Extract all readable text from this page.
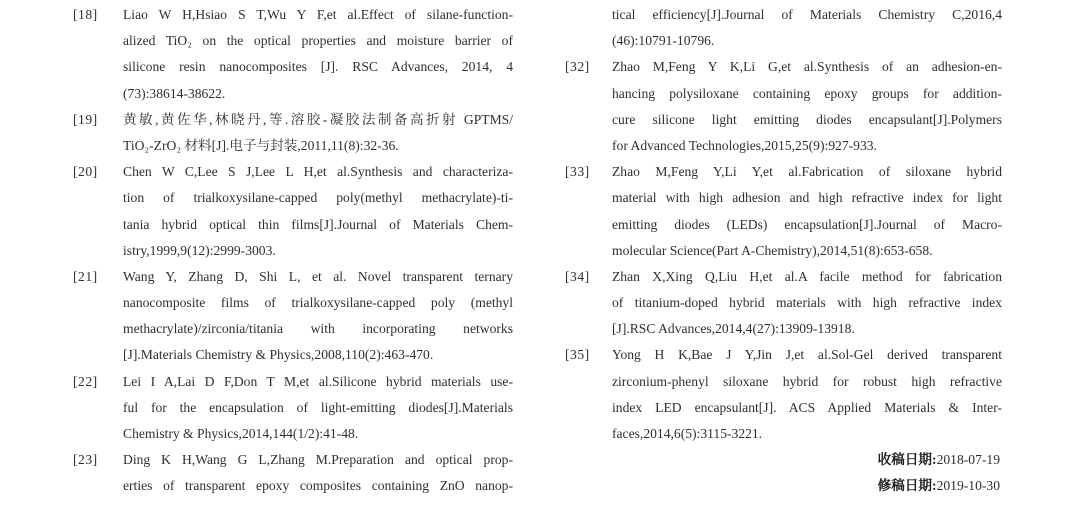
[18]	Liao W H,Hsiao S T,Wu Y F,et al.Effect of silane-function-
alized TiO₂ on the optical properties and moisture barrier of
silicone resin nanocomposites [J]. RSC Advances, 2014, 4
(73):38614-38622.
[19]	黄敏,黄佐华,林晓丹,等.溶胶-凝胶法制备高折射 GPTMS/
TiO₂-ZrO₂ 材料[J].电子与封装,2011,11(8):32-36.
[20]	Chen W C,Lee S J,Lee L H,et al.Synthesis and characteriza-
tion of trialkoxysilane-capped poly(methyl methacrylate)-ti-
tania hybrid optical thin films[J].Journal of Materials Chem-
istry,1999,9(12):2999-3003.
[21]	Wang Y, Zhang D, Shi L, et al. Novel transparent ternary
nanocomposite films of trialkoxysilane-capped poly (methyl
methacrylate)/zirconia/titania with incorporating networks
[J].Materials Chemistry & Physics,2008,110(2):463-470.
[22]	Lei I A,Lai D F,Don T M,et al.Silicone hybrid materials use-
ful for the encapsulation of light-emitting diodes[J].Materials
Chemistry & Physics,2014,144(1/2):41-48.
[23]	Ding K H,Wang G L,Zhang M.Preparation and optical prop-
erties of transparent epoxy composites containing ZnO nanop-
tical efficiency[J].Journal of Materials Chemistry C,2016,4
(46):10791-10796.
[32]	Zhao M,Feng Y K,Li G,et al.Synthesis of an adhesion-en-
hancing polysiloxane containing epoxy groups for addition-
cure silicone light emitting diodes encapsulant[J].Polymers
for Advanced Technologies,2015,25(9):927-933.
[33]	Zhao M,Feng Y,Li Y,et al.Fabrication of siloxane hybrid
material with high adhesion and high refractive index for light
emitting diodes (LEDs) encapsulation[J].Journal of Macro-
molecular Science(Part A-Chemistry),2014,51(8):653-658.
[34]	Zhan X,Xing Q,Liu H,et al.A facile method for fabrication
of titanium-doped hybrid materials with high refractive index
[J].RSC Advances,2014,4(27):13909-13918.
[35]	Yong H K,Bae J Y,Jin J,et al.Sol-Gel derived transparent
zirconium-phenyl siloxane hybrid for robust high refractive
index LED encapsulant[J]. ACS Applied Materials & Inter-
faces,2014,6(5):3115-3221.
收稿日期:2018-07-19
修稿日期:2019-10-30
